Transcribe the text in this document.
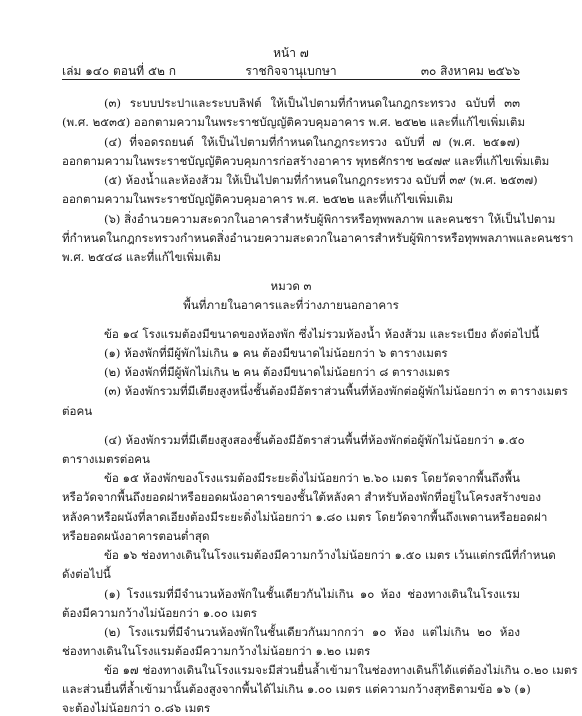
หน้า ๗
เล่ม ๑๔๐ ตอนที่ ๕๒ ก	ราชกิจจานุเบกษา	๓๐ สิงหาคม ๒๕๖๖
(๓) ระบบประปาและระบบลิฟต์ ให้เป็นไปตามที่กำหนดในกฎกระทรวง ฉบับที่ ๓๓
(พ.ศ. ๒๕๓๕) ออกตามความในพระราชบัญญัติควบคุมอาคาร พ.ศ. ๒๕๒๒ และที่แก้ไขเพิ่มเติม
(๔) ที่จอดรถยนต์ ให้เป็นไปตามที่กำหนดในกฎกระทรวง ฉบับที่ ๗ (พ.ศ. ๒๕๑๗)
ออกตามความในพระราชบัญญัติควบคุมการก่อสร้างอาคาร พุทธศักราช ๒๔๗๙ และที่แก้ไขเพิ่มเติม
(๕) ห้องน้ำและห้องส้วม ให้เป็นไปตามที่กำหนดในกฎกระทรวง ฉบับที่ ๓๙ (พ.ศ. ๒๕๓๗)
ออกตามความในพระราชบัญญัติควบคุมอาคาร พ.ศ. ๒๕๒๒ และที่แก้ไขเพิ่มเติม
(๖) สิ่งอำนวยความสะดวกในอาคารสำหรับผู้พิการหรือทุพพลภาพ และคนชรา ให้เป็นไปตาม
ที่กำหนดในกฎกระทรวงกำหนดสิ่งอำนวยความสะดวกในอาคารสำหรับผู้พิการหรือทุพพลภาพและคนชรา
พ.ศ. ๒๕๔๘ และที่แก้ไขเพิ่มเติม
หมวด ๓
พื้นที่ภายในอาคารและที่ว่างภายนอกอาคาร
ข้อ ๑๔ โรงแรมต้องมีขนาดของห้องพัก ซึ่งไม่รวมห้องน้ำ ห้องส้วม และระเบียง ดังต่อไปนี้
(๑) ห้องพักที่มีผู้พักไม่เกิน ๑ คน ต้องมีขนาดไม่น้อยกว่า ๖ ตารางเมตร
(๒) ห้องพักที่มีผู้พักไม่เกิน ๒ คน ต้องมีขนาดไม่น้อยกว่า ๘ ตารางเมตร
(๓) ห้องพักรวมที่มีเตียงสูงหนึ่งชั้นต้องมีอัตราส่วนพื้นที่ห้องพักต่อผู้พักไม่น้อยกว่า ๓ ตารางเมตร
ต่อคน
(๔) ห้องพักรวมที่มีเตียงสูงสองชั้นต้องมีอัตราส่วนพื้นที่ห้องพักต่อผู้พักไม่น้อยกว่า ๑.๕๐
ตารางเมตรต่อคน
ข้อ ๑๕ ห้องพักของโรงแรมต้องมีระยะดิ่งไม่น้อยกว่า ๒.๖๐ เมตร โดยวัดจากพื้นถึงพื้น
หรือวัดจากพื้นถึงยอดฝาหรือยอดผนังอาคารของชั้นใต้หลังคา สำหรับห้องพักที่อยู่ในโครงสร้างของ
หลังคาหรือผนังที่ลาดเอียงต้องมีระยะดิ่งไม่น้อยกว่า ๑.๘๐ เมตร โดยวัดจากพื้นถึงเพดานหรือยอดฝา
หรือยอดผนังอาคารตอนต่ำสุด
ข้อ ๑๖ ช่องทางเดินในโรงแรมต้องมีความกว้างไม่น้อยกว่า ๑.๕๐ เมตร เว้นแต่กรณีที่กำหนด
ดังต่อไปนี้
(๑) โรงแรมที่มีจำนวนห้องพักในชั้นเดียวกันไม่เกิน ๑๐ ห้อง ช่องทางเดินในโรงแรม
ต้องมีความกว้างไม่น้อยกว่า ๑.๐๐ เมตร
(๒) โรงแรมที่มีจำนวนห้องพักในชั้นเดียวกันมากกว่า ๑๐ ห้อง แต่ไม่เกิน ๒๐ ห้อง
ช่องทางเดินในโรงแรมต้องมีความกว้างไม่น้อยกว่า ๑.๒๐ เมตร
ข้อ ๑๗ ช่องทางเดินในโรงแรมจะมีส่วนยื่นล้ำเข้ามาในช่องทางเดินก็ได้แต่ต้องไม่เกิน ๐.๒๐ เมตร
และส่วนยื่นที่ล้ำเข้ามานั้นต้องสูงจากพื้นได้ไม่เกิน ๑.๐๐ เมตร แต่ความกว้างสุทธิตามข้อ ๑๖ (๑)
จะต้องไม่น้อยกว่า ๐.๘๖ เมตร
